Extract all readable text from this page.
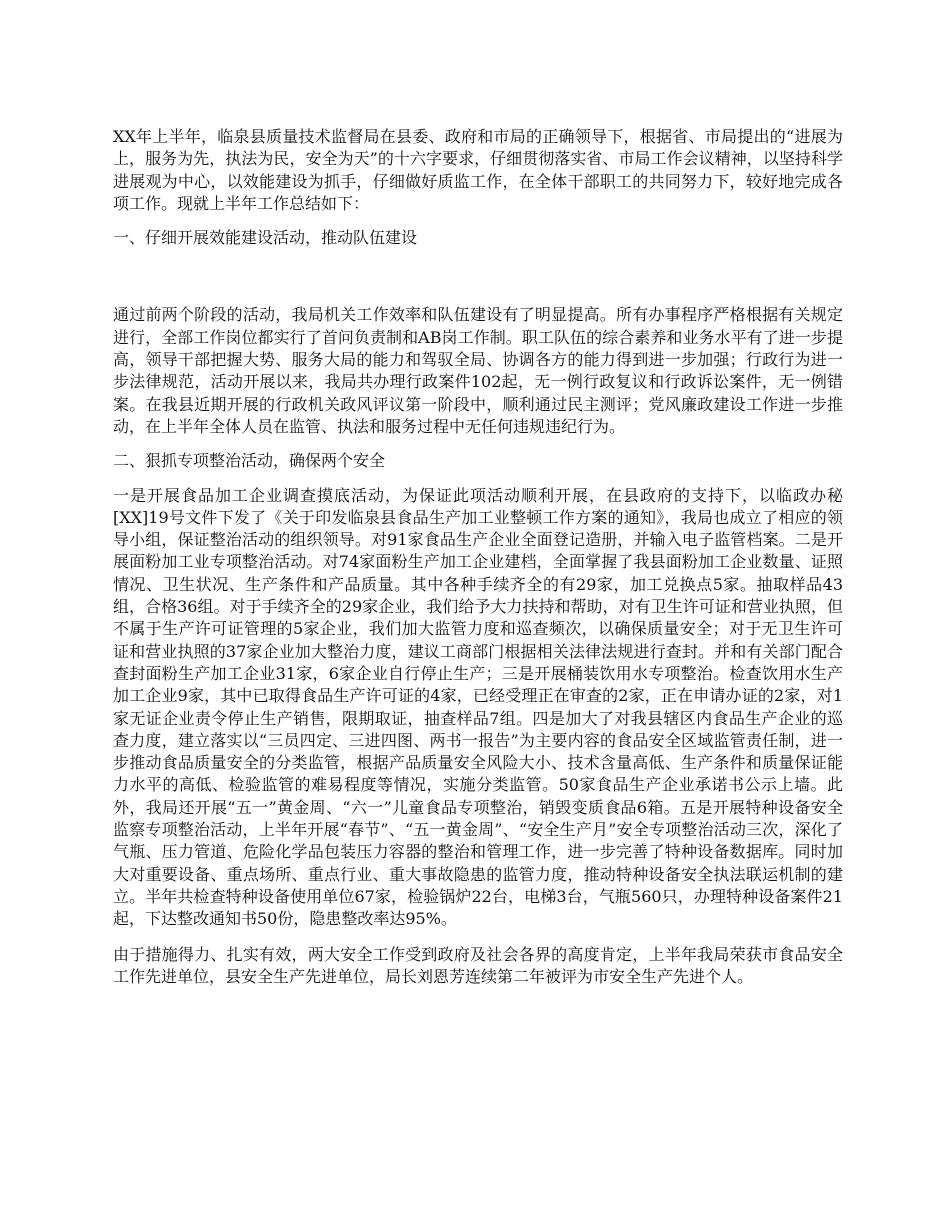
XX年上半年，临泉县质量技术监督局在县委、政府和市局的正确领导下，根据省、市局提出的“进展为上，服务为先，执法为民，安全为天”的十六字要求，仔细贯彻落实省、市局工作会议精神，以坚持科学进展观为中心，以效能建设为抓手，仔细做好质监工作，在全体干部职工的共同努力下，较好地完成各项工作。现就上半年工作总结如下：

一、仔细开展效能建设活动，推动队伍建设

通过前两个阶段的活动，我局机关工作效率和队伍建设有了明显提高。所有办事程序严格根据有关规定进行，全部工作岗位都实行了首问负责制和AB岗工作制。职工队伍的综合素养和业务水平有了进一步提高，领导干部把握大势、服务大局的能力和驾驭全局、协调各方的能力得到进一步加强；行政行为进一步法律规范，活动开展以来，我局共办理行政案件102起，无一例行政复议和行政诉讼案件，无一例错案。在我县近期开展的行政机关政风评议第一阶段中，顺利通过民主测评；党风廉政建设工作进一步推动，在上半年全体人员在监管、执法和服务过程中无任何违规违纪行为。

二、狠抓专项整治活动，确保两个安全

一是开展食品加工企业调查摸底活动，为保证此项活动顺利开展，在县政府的支持下，以临政办秘[XX]19号文件下发了《关于印发临泉县食品生产加工业整顿工作方案的通知》，我局也成立了相应的领导小组，保证整治活动的组织领导。对91家食品生产企业全面登记造册，并输入电子监管档案。二是开展面粉加工业专项整治活动。对74家面粉生产加工企业建档，全面掌握了我县面粉加工企业数量、证照情况、卫生状况、生产条件和产品质量。其中各种手续齐全的有29家，加工兑换点5家。抽取样品43组，合格36组。对于手续齐全的29家企业，我们给予大力扶持和帮助，对有卫生许可证和营业执照，但不属于生产许可证管理的5家企业，我们加大监管力度和巡查频次，以确保质量安全；对于无卫生许可证和营业执照的37家企业加大整治力度，建议工商部门根据相关法律法规进行查封。并和有关部门配合查封面粉生产加工企业31家，6家企业自行停止生产；三是开展桶装饮用水专项整治。检查饮用水生产加工企业9家，其中已取得食品生产许可证的4家，已经受理正在审查的2家，正在申请办证的2家，对1家无证企业责令停止生产销售，限期取证，抽查样品7组。四是加大了对我县辖区内食品生产企业的巡查力度，建立落实以“三员四定、三进四图、两书一报告”为主要内容的食品安全区域监管责任制，进一步推动食品质量安全的分类监管，根据产品质量安全风险大小、技术含量高低、生产条件和质量保证能力水平的高低、检验监管的难易程度等情况，实施分类监管。50家食品生产企业承诺书公示上墙。此外，我局还开展“五一”黄金周、“六一”儿童食品专项整治，销毁变质食品6箱。五是开展特种设备安全监察专项整治活动，上半年开展“春节”、“五一黄金周”、“安全生产月”安全专项整治活动三次，深化了气瓶、压力管道、危险化学品包装压力容器的整治和管理工作，进一步完善了特种设备数据库。同时加大对重要设备、重点场所、重点行业、重大事故隐患的监管力度，推动特种设备安全执法联运机制的建立。半年共检查特种设备使用单位67家，检验锅炉22台，电梯3台，气瓶560只，办理特种设备案件21起，下达整改通知书50份，隐患整改率达95%。

由于措施得力、扎实有效，两大安全工作受到政府及社会各界的高度肯定，上半年我局荣获市食品安全工作先进单位，县安全生产先进单位，局长刘恩芳连续第二年被评为市安全生产先进个人。
